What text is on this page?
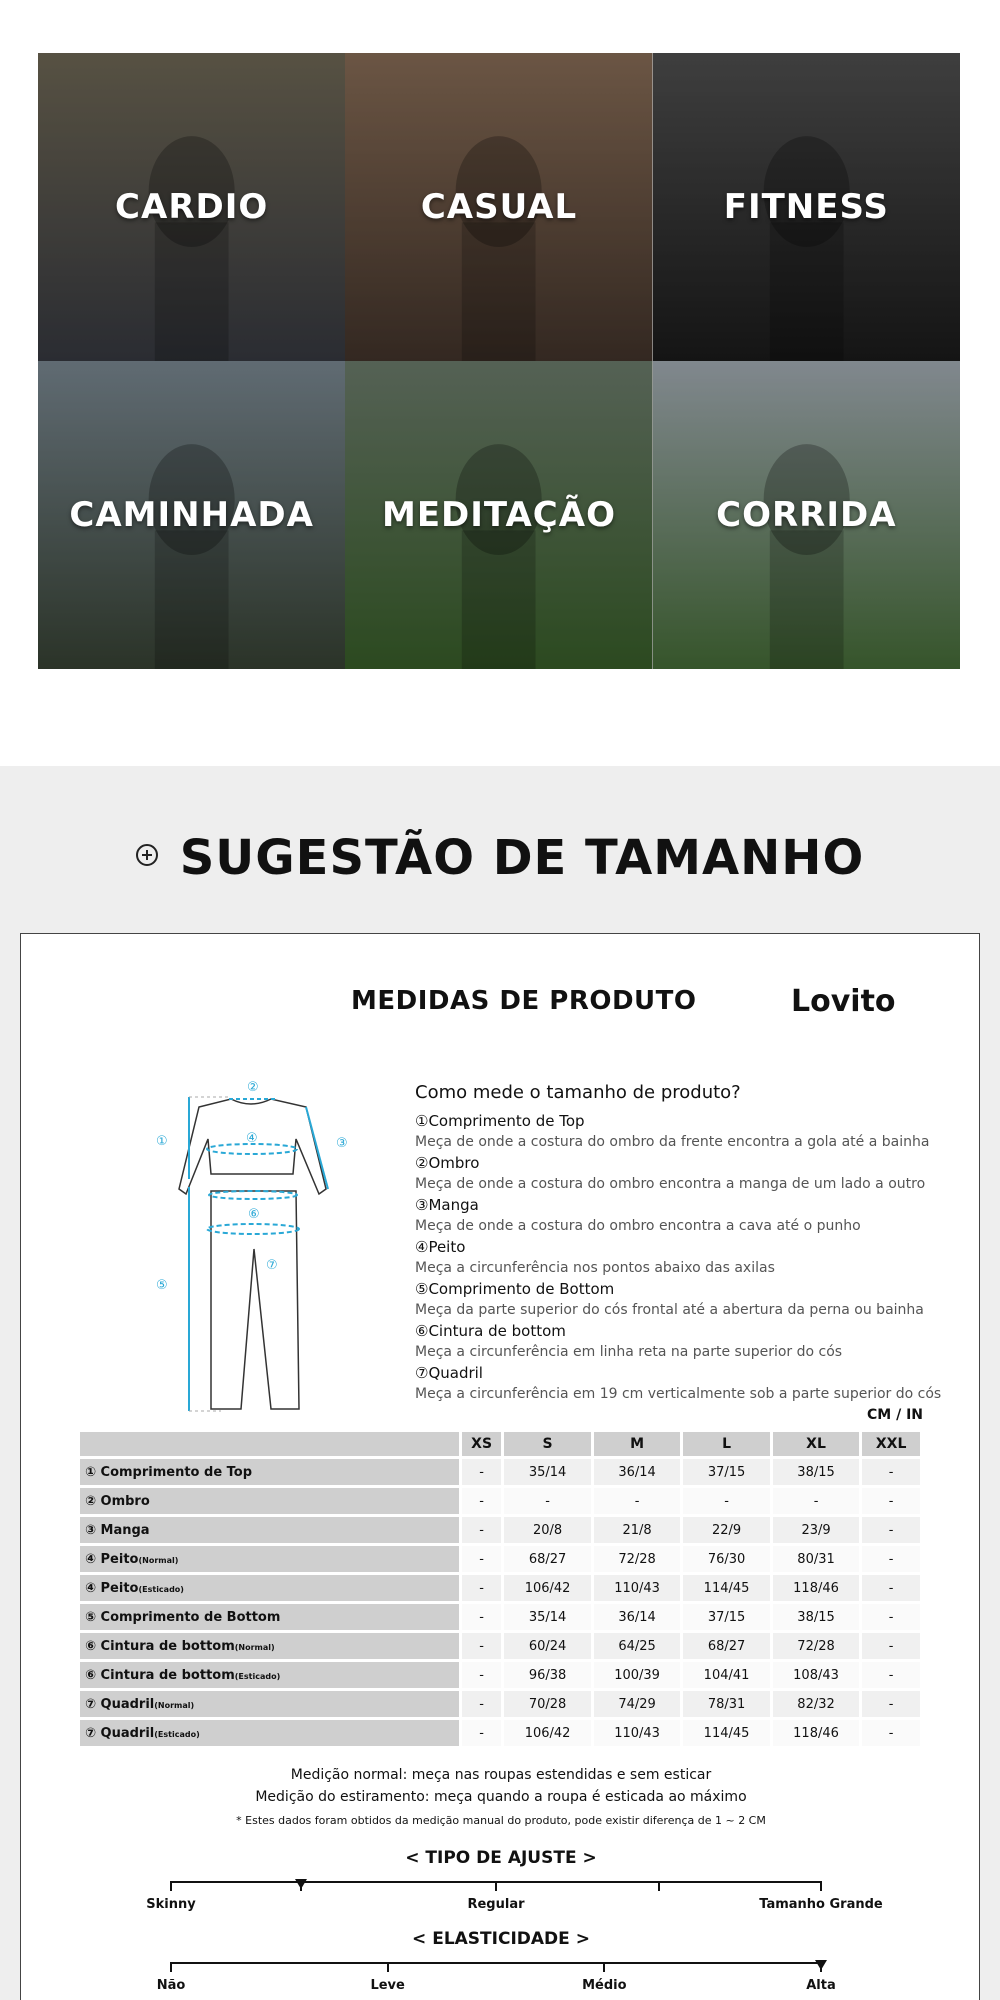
CARDIO	CASUAL	FITNESS
CAMINHADA MEDITAÇÃO	CORRIDA
SUGESTÃO DE TAMANHO
MEDIDAS DE PRODUTO	Lovito
①
②
③
④
⑤
⑥
⑦
Como mede o tamanho de produto?
①Comprimento de Top
Meça de onde a costura do ombro da frente encontra a gola até a bainha
②Ombro
Meça de onde a costura do ombro encontra a manga de um lado a outro
③Manga
Meça de onde a costura do ombro encontra a cava até o punho
④Peito
Meça a circunferência nos pontos abaixo das axilas
⑤Comprimento de Bottom
Meça da parte superior do cós frontal até a abertura da perna ou bainha
⑥Cintura de bottom
Meça a circunferência em linha reta na parte superior do cós
⑦Quadril
Meça a circunferência em 19 cm verticalmente sob a parte superior do cós
CM / IN
	XS	S	M	L	XL	XXL
① Comprimento de Top	-	35/14	36/14	37/15	38/15	-
② Ombro	-	-	-	-	-	-
③ Manga	-	20/8	21/8	22/9	23/9	-
④ Peito(Normal)	-	68/27	72/28	76/30	80/31	-
④ Peito(Esticado)	-	106/42	110/43	114/45	118/46	-
⑤ Comprimento de Bottom	-	35/14	36/14	37/15	38/15	-
⑥ Cintura de bottom(Normal)	-	60/24	64/25	68/27	72/28	-
⑥ Cintura de bottom(Esticado)	-	96/38	100/39	104/41	108/43	-
⑦ Quadril(Normal)	-	70/28	74/29	78/31	82/32	-
⑦ Quadril(Esticado)	-	106/42	110/43	114/45	118/46	-
Medição normal: meça nas roupas estendidas e sem esticar
Medição do estiramento: meça quando a roupa é esticada ao máximo
* Estes dados foram obtidos da medição manual do produto, pode existir diferença de 1 ~ 2 CM
< TIPO DE AJUSTE >
Skinny	Regular	Tamanho Grande
< ELASTICIDADE >
Não	Leve	Médio	Alta
